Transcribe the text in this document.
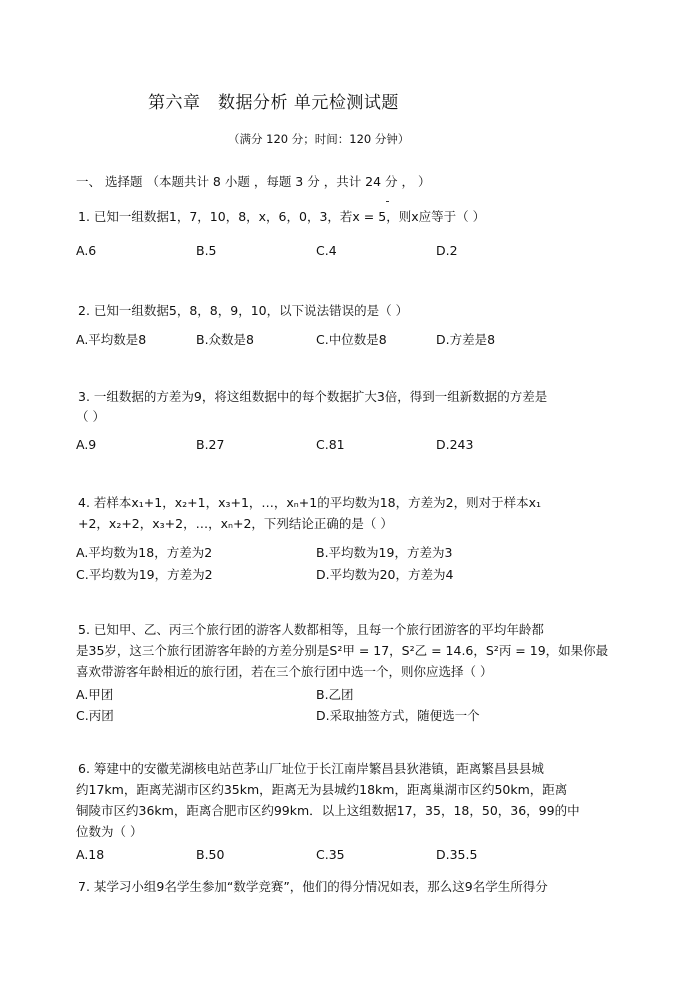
第六章　数据分析 单元检测试题
（满分 120 分；时间：120 分钟）
一、 选择题 （本题共计 8 小题 ，每题 3 分 ，共计 24 分 ， ）
1. 已知一组数据1，7，10，8，x，6，0，3，若x = 5，则x应等于（ ）
A.6	B.5	C.4	D.2
2. 已知一组数据5，8，8，9，10，以下说法错误的是（ ）
A.平均数是8	B.众数是8	C.中位数是8	D.方差是8
3. 一组数据的方差为9，将这组数据中的每个数据扩大3倍，得到一组新数据的方差是
（ ）
A.9	B.27	C.81	D.243
4. 若样本x₁+1，x₂+1，x₃+1，…，xₙ+1的平均数为18，方差为2，则对于样本x₁
+2，x₂+2，x₃+2，…，xₙ+2，下列结论正确的是（ ）
A.平均数为18，方差为2	B.平均数为19，方差为3
C.平均数为19，方差为2	D.平均数为20，方差为4
5. 已知甲、乙、丙三个旅行团的游客人数都相等，且每一个旅行团游客的平均年龄都
是35岁，这三个旅行团游客年龄的方差分别是S²甲 = 17，S²乙 = 14.6，S²丙 = 19，如果你最
喜欢带游客年龄相近的旅行团，若在三个旅行团中选一个，则你应选择（ ）
A.甲团	B.乙团
C.丙团	D.采取抽签方式，随便选一个
6. 筹建中的安徽芜湖核电站芭茅山厂址位于长江南岸繁昌县狄港镇，距离繁昌县县城
约17km，距离芜湖市区约35km，距离无为县城约18km，距离巢湖市区约50km，距离
铜陵市区约36km，距离合肥市区约99km．以上这组数据17，35，18，50，36，99的中
位数为（ ）
A.18	B.50	C.35	D.35.5
7. 某学习小组9名学生参加“数学竞赛”，他们的得分情况如表，那么这9名学生所得分
